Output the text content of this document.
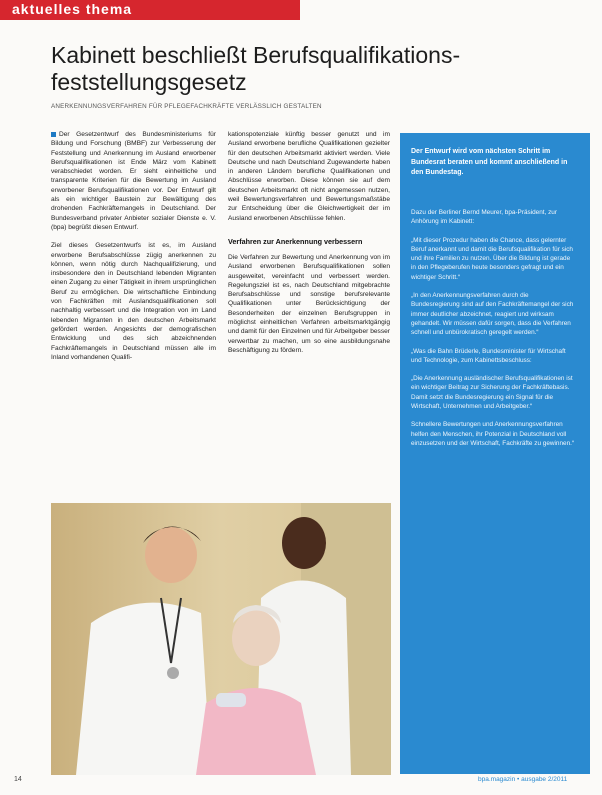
aktuelles thema
Kabinett beschließt Berufsqualifikations-feststellungsgesetz
ANERKENNUNGSVERFAHREN FÜR PFLEGEFACHKRÄFTE VERLÄSSLICH GESTALTEN

Der Gesetzentwurf des Bundesministeriums für Bildung und Forschung (BMBF) zur Verbesserung der Feststellung und Anerkennung im Ausland erworbener Berufsqualifikationen ist Ende März vom Kabinett verabschiedet worden. Er sieht einheitliche und transparente Kriterien für die Bewertung im Ausland erworbener Berufsqualifikationen vor. Der Entwurf gilt als ein wichtiger Baustein zur Bewältigung des drohenden Fachkräftemangels in Deutschland. Der Bundesverband privater Anbieter sozialer Dienste e. V. (bpa) begrüßt diesen Entwurf.

Ziel dieses Gesetzentwurfs ist es, im Ausland erworbene Berufsabschlüsse zügig anerkennen zu können, wenn nötig durch Nachqualifizierung, und insbesondere den in Deutschland lebenden Migranten einen Zugang zu einer Tätigkeit in ihrem ursprünglichen Beruf zu ermöglichen. Die wirtschaftliche Einbindung von Fachkräften mit Auslandsqualifikationen soll nachhaltig verbessert und die Integration von im Land lebenden Migranten in den deutschen Arbeitsmarkt gefördert werden. Angesichts der demografischen Entwicklung und des sich abzeichnenden Fachkräftemangels in Deutschland müssen alle im Inland vorhandenen Qualifi-

kationspotenziale künftig besser genutzt und im Ausland erworbene berufliche Qualifikationen gezielter für den deutschen Arbeitsmarkt aktiviert werden. Viele Deutsche und nach Deutschland Zugewanderte haben in anderen Ländern berufliche Qualifikationen und Abschlüsse erworben. Diese können sie auf dem deutschen Arbeitsmarkt oft nicht angemessen nutzen, weil Bewertungsverfahren und Bewertungsmaßstäbe zur Entscheidung über die Gleichwertigkeit der im Ausland erworbenen Abschlüsse fehlen.

Verfahren zur Anerkennung verbessern

Die Verfahren zur Bewertung und Anerkennung von im Ausland erworbenen Berufsqualifikationen sollen ausgeweitet, vereinfacht und verbessert werden. Regelungsziel ist es, nach Deutschland mitgebrachte Berufsabschlüsse und sonstige berufsrelevante Qualifikationen unter Berücksichtigung der Besonderheiten der einzelnen Berufsgruppen in möglichst einheitlichen Verfahren arbeitsmarktgängig und damit für den Einzelnen und für Arbeitgeber besser verwertbar zu machen, um so eine ausbildungsnahe Beschäftigung zu fördern.

Der Entwurf wird vom nächsten Schritt im Bundesrat beraten und kommt anschließend in den Bundestag.

Dazu der Berliner Bernd Meurer, bpa-Präsident, zur Anhörung im Kabinett:

„Mit dieser Prozedur haben die Chance, dass gelernter Beruf anerkannt und damit die Berufsqualifikation für sich und ihre Familien zu nutzen. Über die Bildung ist gerade in den Pflegeberufen heute besonders gefragt und ein wichtiger Schritt.“

„In den Anerkennungsverfahren durch die Bundesregierung sind auf den Fachkräftemangel der sich immer deutlicher abzeichnet, reagiert und wirksam gehandelt. Wir müssen dafür sorgen, dass die Verfahren schnell und unbürokratisch geregelt werden.“

„Was die Bahn Brüderle, Bundesminister für Wirtschaft und Technologie, zum Kabinettsbeschluss:

„Die Anerkennung ausländischer Berufsqualifikationen ist ein wichtiger Beitrag zur Sicherung der Fachkräftebasis. Damit setzt die Bundesregierung ein Signal für die Wirtschaft, Unternehmen und Arbeitgeber.“

Schnellere Bewertungen und Anerkennungsverfahren helfen den Menschen, ihr Potenzial in Deutschland voll einzusetzen und der Wirtschaft, Fachkräfte zu gewinnen.“

14	bpa.magazin • ausgabe 2/2011
